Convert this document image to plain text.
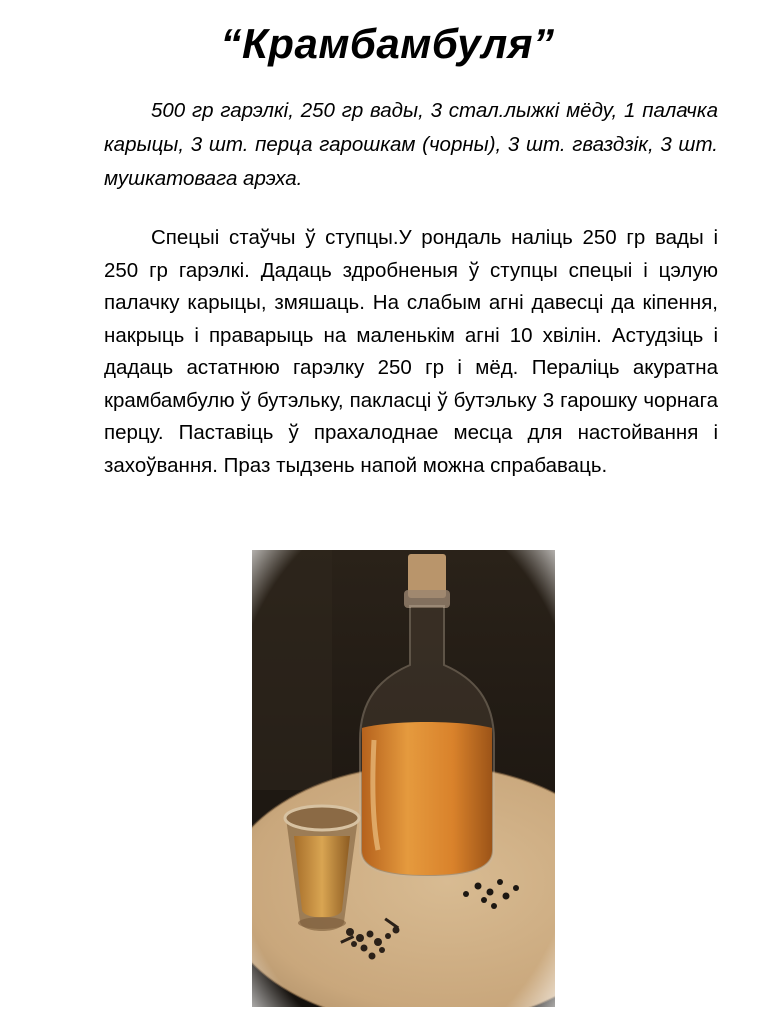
“Крамбамбуля”

500 гр гарэлкі, 250 гр вады, 3 стал.лыжкі мёду, 1 палачка карыцы, 3 шт. перца гарошкам (чорны), 3 шт. гваздзік, 3 шт. мушкатовага арэха.

Спецыі стаўчы ў ступцы.У рондаль наліць 250 гр вады і 250 гр гарэлкі. Дадаць здробненыя ў ступцы спецыі і цэлую палачку карыцы, змяшаць. На слабым агні давесці да кіпення, накрыць і праварыць на маленькім агні 10 хвілін. Астудзіць і дадаць астатнюю гарэлку 250 гр і мёд. Пераліць акуратна крамбамбулю ў бутэльку, пакласці ў бутэльку 3 гарошку чорнага перцу. Паставіць ў прахалоднае месца для настойвання і захоўвання. Праз тыдзень напой можна спрабаваць.
